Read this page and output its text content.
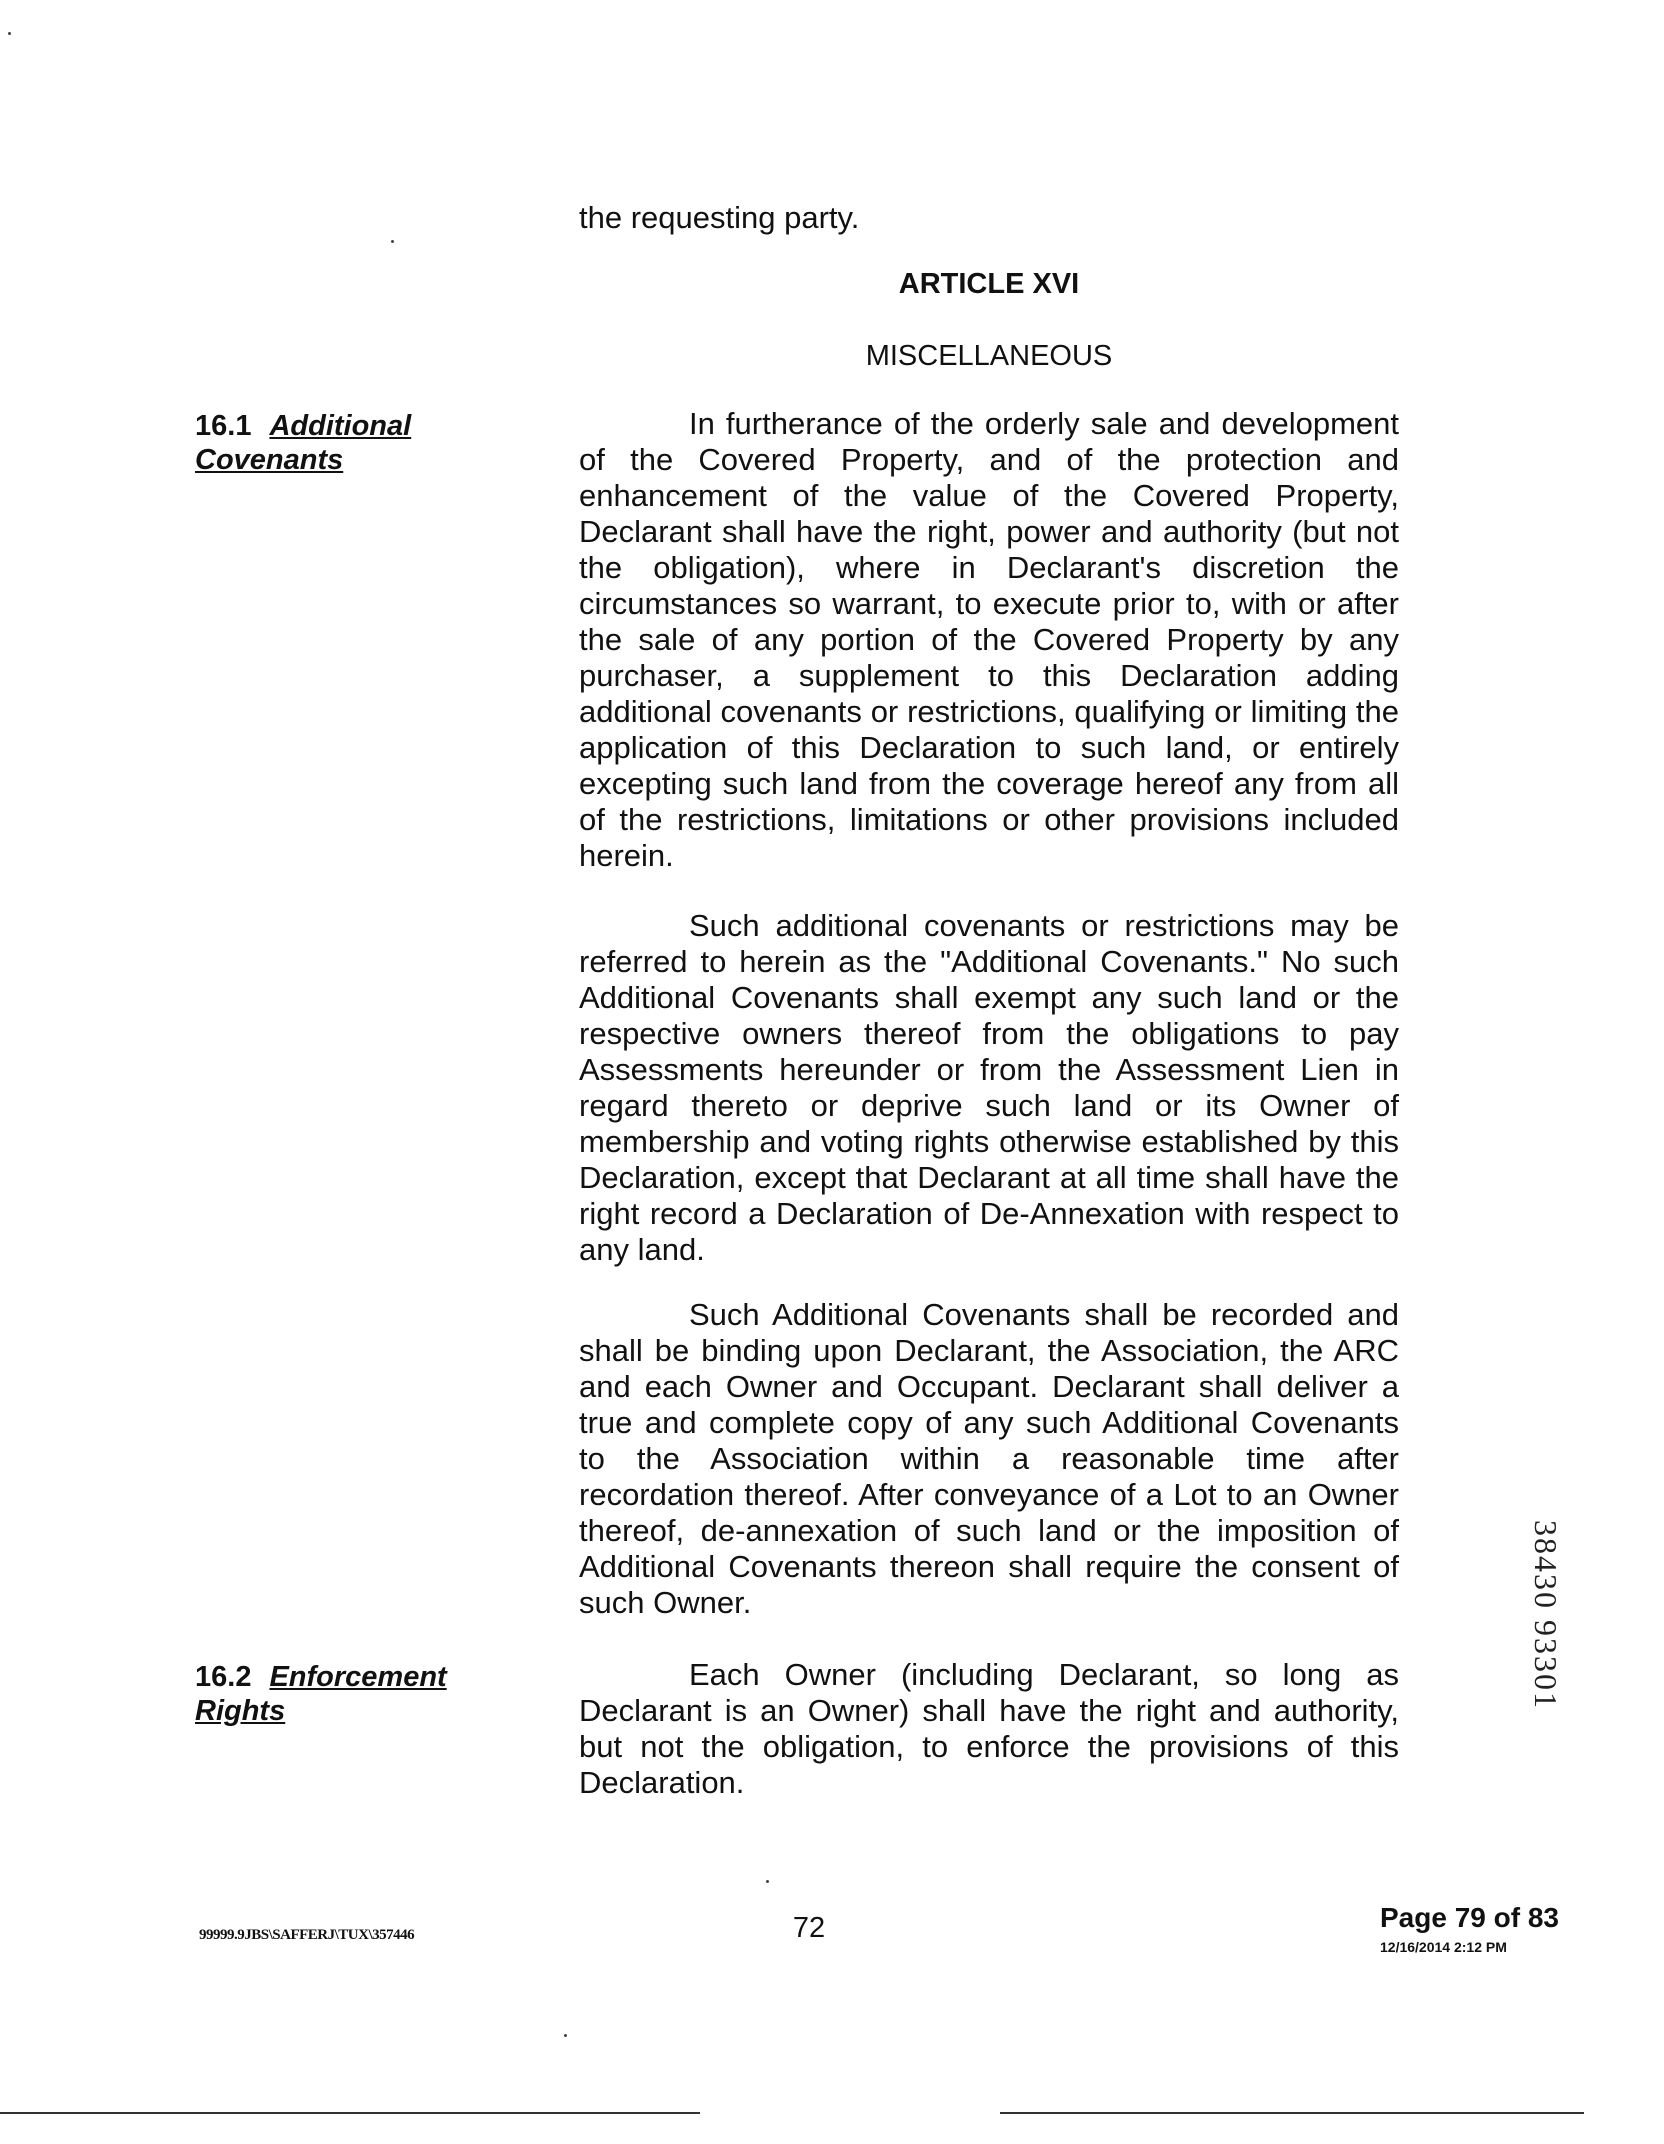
the requesting party.
ARTICLE XVI
MISCELLANEOUS
16.1 Additional Covenants

In furtherance of the orderly sale and development of the Covered Property, and of the protection and enhancement of the value of the Covered Property, Declarant shall have the right, power and authority (but not the obligation), where in Declarant's discretion the circumstances so warrant, to execute prior to, with or after the sale of any portion of the Covered Property by any purchaser, a supplement to this Declaration adding additional covenants or restrictions, qualifying or limiting the application of this Declaration to such land, or entirely excepting such land from the coverage hereof any from all of the restrictions, limitations or other provisions included herein.

Such additional covenants or restrictions may be referred to herein as the "Additional Covenants." No such Additional Covenants shall exempt any such land or the respective owners thereof from the obligations to pay Assessments hereunder or from the Assessment Lien in regard thereto or deprive such land or its Owner of membership and voting rights otherwise established by this Declaration, except that Declarant at all time shall have the right record a Declaration of De-Annexation with respect to any land.

Such Additional Covenants shall be recorded and shall be binding upon Declarant, the Association, the ARC and each Owner and Occupant. Declarant shall deliver a true and complete copy of any such Additional Covenants to the Association within a reasonable time after recordation thereof. After conveyance of a Lot to an Owner thereof, de-annexation of such land or the imposition of Additional Covenants thereon shall require the consent of such Owner.

16.2 Enforcement Rights

Each Owner (including Declarant, so long as Declarant is an Owner) shall have the right and authority, but not the obligation, to enforce the provisions of this Declaration.

38430 93301
99999.9JBS\SAFFERJ\TUX\357446	72	Page 79 of 83
12/16/2014 2:12 PM
